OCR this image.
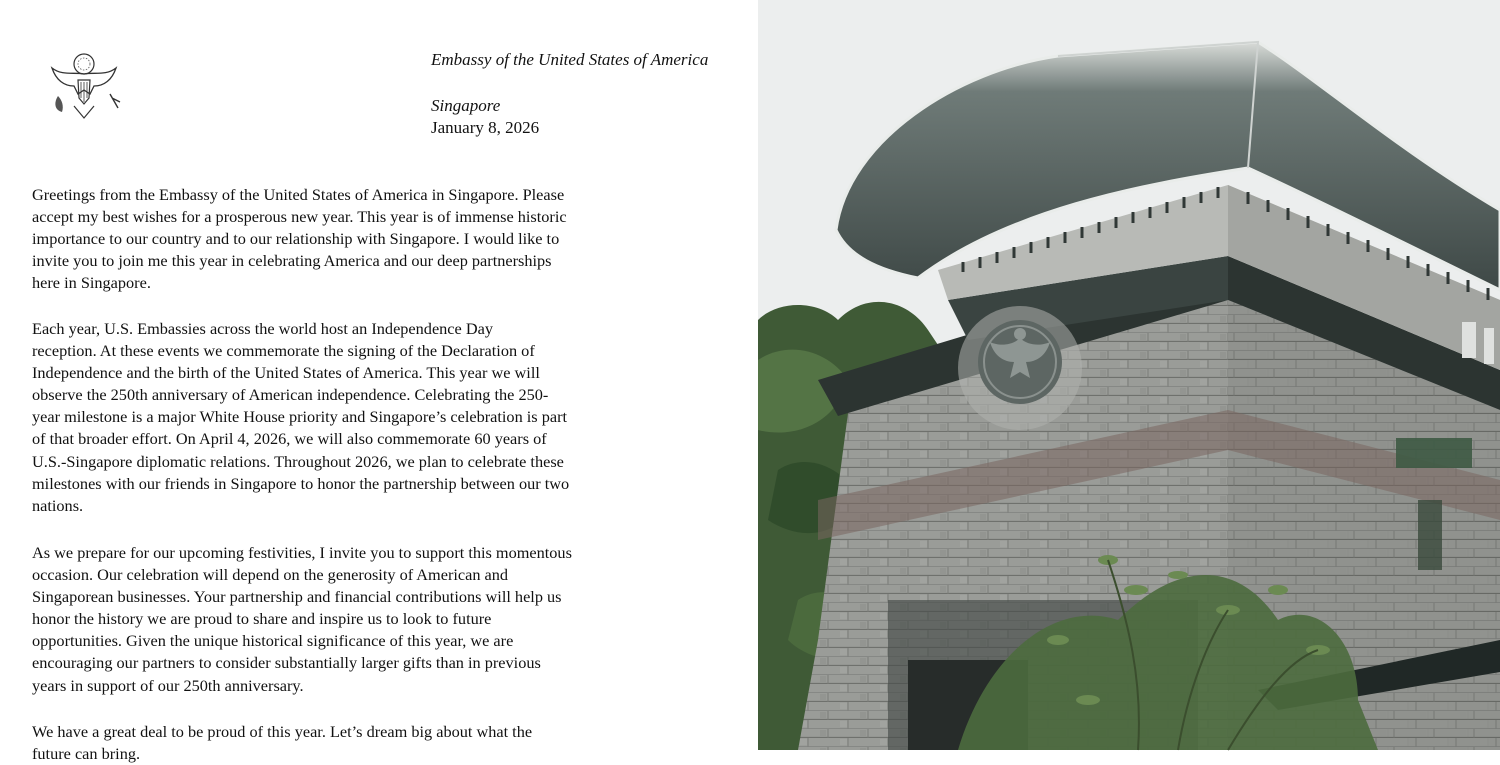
Embassy of the United States of America
Singapore
January 8, 2026

Greetings from the Embassy of the United States of America in Singapore. Please
accept my best wishes for a prosperous new year. This year is of immense historic
importance to our country and to our relationship with Singapore. I would like to
invite you to join me this year in celebrating America and our deep partnerships
here in Singapore.

Each year, U.S. Embassies across the world host an Independence Day
reception. At these events we commemorate the signing of the Declaration of
Independence and the birth of the United States of America. This year we will
observe the 250th anniversary of American independence. Celebrating the 250-
year milestone is a major White House priority and Singapore’s celebration is part
of that broader effort. On April 4, 2026, we will also commemorate 60 years of
U.S.-Singapore diplomatic relations. Throughout 2026, we plan to celebrate these
milestones with our friends in Singapore to honor the partnership between our two
nations.

As we prepare for our upcoming festivities, I invite you to support this momentous
occasion. Our celebration will depend on the generosity of American and
Singaporean businesses. Your partnership and financial contributions will help us
honor the history we are proud to share and inspire us to look to future
opportunities. Given the unique historical significance of this year, we are
encouraging our partners to consider substantially larger gifts than in previous
years in support of our 250th anniversary.

We have a great deal to be proud of this year. Let’s dream big about what the
future can bring.
